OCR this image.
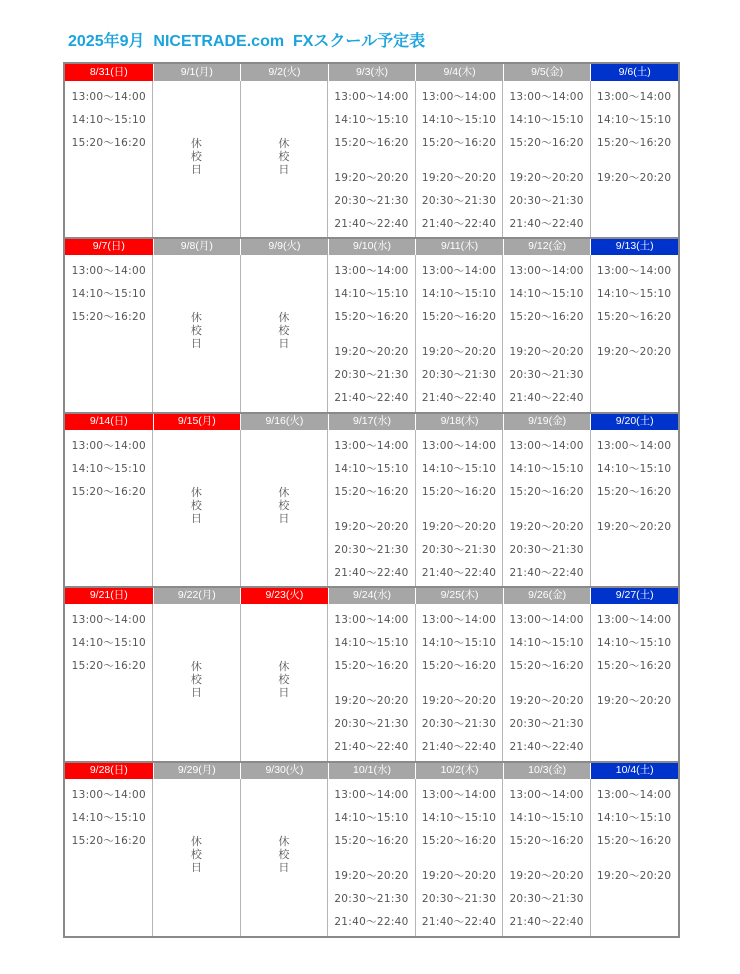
2025年9月  NICETRADE.com  FXスクール予定表
8/31(日)
13:00〜14:00
14:10〜15:10
15:20〜16:20
9/1(月)
休
校
日
9/2(火)
休
校
日
9/3(水)
13:00〜14:00
14:10〜15:10
15:20〜16:20
19:20〜20:20
20:30〜21:30
21:40〜22:40
9/4(木)
13:00〜14:00
14:10〜15:10
15:20〜16:20
19:20〜20:20
20:30〜21:30
21:40〜22:40
9/5(金)
13:00〜14:00
14:10〜15:10
15:20〜16:20
19:20〜20:20
20:30〜21:30
21:40〜22:40
9/6(土)
13:00〜14:00
14:10〜15:10
15:20〜16:20
19:20〜20:20
9/7(日)
13:00〜14:00
14:10〜15:10
15:20〜16:20
9/8(月)
休
校
日
9/9(火)
休
校
日
9/10(水)
13:00〜14:00
14:10〜15:10
15:20〜16:20
19:20〜20:20
20:30〜21:30
21:40〜22:40
9/11(木)
13:00〜14:00
14:10〜15:10
15:20〜16:20
19:20〜20:20
20:30〜21:30
21:40〜22:40
9/12(金)
13:00〜14:00
14:10〜15:10
15:20〜16:20
19:20〜20:20
20:30〜21:30
21:40〜22:40
9/13(土)
13:00〜14:00
14:10〜15:10
15:20〜16:20
19:20〜20:20
9/14(日)
13:00〜14:00
14:10〜15:10
15:20〜16:20
9/15(月)
休
校
日
9/16(火)
休
校
日
9/17(水)
13:00〜14:00
14:10〜15:10
15:20〜16:20
19:20〜20:20
20:30〜21:30
21:40〜22:40
9/18(木)
13:00〜14:00
14:10〜15:10
15:20〜16:20
19:20〜20:20
20:30〜21:30
21:40〜22:40
9/19(金)
13:00〜14:00
14:10〜15:10
15:20〜16:20
19:20〜20:20
20:30〜21:30
21:40〜22:40
9/20(土)
13:00〜14:00
14:10〜15:10
15:20〜16:20
19:20〜20:20
9/21(日)
13:00〜14:00
14:10〜15:10
15:20〜16:20
9/22(月)
休
校
日
9/23(火)
休
校
日
9/24(水)
13:00〜14:00
14:10〜15:10
15:20〜16:20
19:20〜20:20
20:30〜21:30
21:40〜22:40
9/25(木)
13:00〜14:00
14:10〜15:10
15:20〜16:20
19:20〜20:20
20:30〜21:30
21:40〜22:40
9/26(金)
13:00〜14:00
14:10〜15:10
15:20〜16:20
19:20〜20:20
20:30〜21:30
21:40〜22:40
9/27(土)
13:00〜14:00
14:10〜15:10
15:20〜16:20
19:20〜20:20
9/28(日)
13:00〜14:00
14:10〜15:10
15:20〜16:20
9/29(月)
休
校
日
9/30(火)
休
校
日
10/1(水)
13:00〜14:00
14:10〜15:10
15:20〜16:20
19:20〜20:20
20:30〜21:30
21:40〜22:40
10/2(木)
13:00〜14:00
14:10〜15:10
15:20〜16:20
19:20〜20:20
20:30〜21:30
21:40〜22:40
10/3(金)
13:00〜14:00
14:10〜15:10
15:20〜16:20
19:20〜20:20
20:30〜21:30
21:40〜22:40
10/4(土)
13:00〜14:00
14:10〜15:10
15:20〜16:20
19:20〜20:20
